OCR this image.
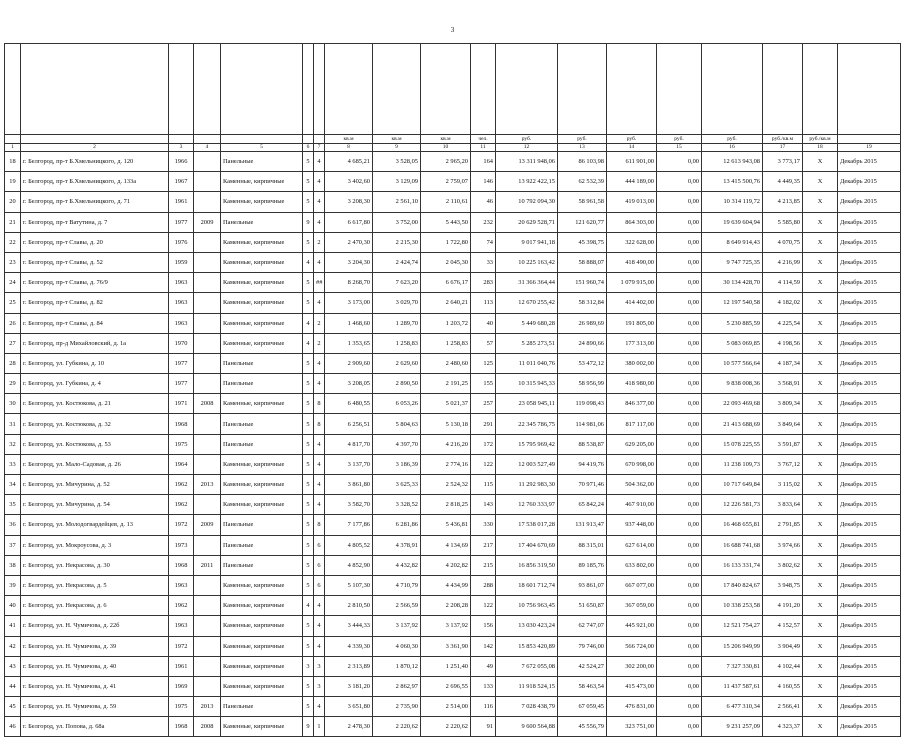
3

							кв.м	кв.м	кв.м	чел.	руб.	руб.	руб.	руб.	руб.	руб./кв.м	руб./кв.м	
1	2	3	4	5	6	7	8	9	10	11	12	13	14	15	16	17	18	19
18	г. Белгород, пр-т Б.Хмельницкого, д. 120	1966		Панельные	5	4	4 685,21	3 528,05	2 965,20	164	13 311 948,06	86 103,98	611 901,00	0,00	12 613 943,08	3 773,17	X	Декабрь 2015
19	г. Белгород, пр-т Б.Хмельницкого, д. 133а	1967		Каменные, кирпичные	5	4	3 402,60	3 129,09	2 759,07	146	13 922 422,15	62 532,39	444 189,00	0,00	13 415 500,76	4 449,35	X	Декабрь 2015
20	г. Белгород, пр-т Б.Хмельницкого, д. 71	1961		Каменные, кирпичные	5	4	3 208,30	2 561,10	2 110,61	46	10 792 094,30	58 961,58	419 013,00	0,00	10 314 119,72	4 213,85	X	Декабрь 2015
21	г. Белгород, пр-т Ватутина, д. 7	1977	2009	Панельные	9	4	6 617,80	3 752,00	5 443,50	232	20 629 528,71	121 620,77	864 303,00	0,00	19 639 604,94	5 585,80	X	Декабрь 2015
22	г. Белгород, пр-т Славы, д. 20	1976		Каменные, кирпичные	5	2	2 470,30	2 215,30	1 722,80	74	9 017 941,18	45 398,75	322 628,00	0,00	8 649 914,43	4 070,75	X	Декабрь 2015
23	г. Белгород, пр-т Славы, д. 52	1959		Каменные, кирпичные	4	4	3 204,30	2 424,74	2 045,30	33	10 225 163,42	58 888,07	418 490,00	0,00	9 747 725,35	4 216,99	X	Декабрь 2015
24	г. Белгород, пр-т Славы, д. 76/9	1963		Каменные, кирпичные	5	##	8 268,70	7 623,20	6 676,17	283	31 366 364,44	151 960,74	1 079 915,00	0,00	30 134 428,70	4 114,59	X	Декабрь 2015
25	г. Белгород, пр-т Славы, д. 82	1963		Каменные, кирпичные	5	4	3 173,00	3 029,70	2 640,21	113	12 670 255,42	58 312,84	414 402,00	0,00	12 197 540,58	4 182,02	X	Декабрь 2015
26	г. Белгород, пр-т Славы, д. 84	1963		Каменные, кирпичные	4	2	1 468,60	1 289,70	1 203,72	40	5 449 680,28	26 989,69	191 805,00	0,00	5 230 885,59	4 225,54	X	Декабрь 2015
27	г. Белгород, пр-д Михайловский, д. 1а	1970		Каменные, кирпичные	4	2	1 353,65	1 258,83	1 258,83	57	5 285 273,51	24 890,66	177 313,00	0,00	5 083 069,85	4 198,56	X	Декабрь 2015
28	г. Белгород, ул. Губкина, д. 10	1977		Панельные	5	4	2 909,60	2 629,60	2 480,60	125	11 011 040,76	53 472,12	380 002,00	0,00	10 577 566,64	4 187,34	X	Декабрь 2015
29	г. Белгород, ул. Губкина, д. 4	1977		Панельные	5	4	3 208,05	2 890,50	2 191,25	155	10 315 945,33	58 956,99	418 980,00	0,00	9 838 008,36	3 568,91	X	Декабрь 2015
30	г. Белгород, ул. Костюкова, д. 21	1971	2008	Каменные, кирпичные	5	8	6 480,55	6 053,26	5 021,37	257	23 058 945,11	119 098,43	846 377,00	0,00	22 093 469,68	3 809,34	X	Декабрь 2015
31	г. Белгород, ул. Костюкова, д. 32	1968		Панельные	5	8	6 256,51	5 804,63	5 130,18	291	22 345 786,75	114 981,06	817 117,00	0,00	21 413 688,69	3 849,64	X	Декабрь 2015
32	г. Белгород, ул. Костюкова, д. 53	1975		Панельные	5	4	4 817,70	4 397,70	4 216,20	172	15 795 969,42	88 538,87	629 205,00	0,00	15 078 225,55	3 591,87	X	Декабрь 2015
33	г. Белгород, ул. Мало-Садовая, д. 26	1964		Каменные, кирпичные	5	4	3 137,70	3 186,39	2 774,16	122	12 003 527,49	94 419,76	670 998,00	0,00	11 238 109,73	3 767,12	X	Декабрь 2015
34	г. Белгород, ул. Мичурина, д. 52	1962	2013	Каменные, кирпичные	5	4	3 861,80	3 625,33	2 524,32	115	11 292 983,30	70 971,46	504 362,00	0,00	10 717 649,84	3 115,02	X	Декабрь 2015
35	г. Белгород, ул. Мичурина, д. 54	1962		Каменные, кирпичные	5	4	3 582,70	3 328,52	2 818,25	143	12 760 333,97	65 842,24	467 910,00	0,00	12 226 581,73	3 833,64	X	Декабрь 2015
36	г. Белгород, ул. Молодогвардейцев, д. 13	1972	2009	Панельные	5	8	7 177,86	6 281,86	5 436,81	330	17 538 017,28	131 913,47	937 448,00	0,00	16 468 655,81	2 791,85	X	Декабрь 2015
37	г. Белгород, ул. Мокроусова, д. 3	1973		Панельные	5	6	4 805,52	4 378,91	4 134,69	217	17 404 670,69	88 315,01	627 614,00	0,00	16 688 741,68	3 974,66	X	Декабрь 2015
38	г. Белгород, ул. Некрасова, д. 30	1968	2011	Панельные	5	6	4 852,90	4 432,82	4 202,82	215	16 856 319,50	89 185,76	633 802,00	0,00	16 133 331,74	3 802,62	X	Декабрь 2015
39	г. Белгород, ул. Некрасова, д. 5	1963		Каменные, кирпичные	5	6	5 107,30	4 710,79	4 434,99	288	18 601 712,74	93 861,07	667 077,00	0,00	17 840 824,67	3 948,75	X	Декабрь 2015
40	г. Белгород, ул. Некрасова, д. 6	1962		Каменные, кирпичные	4	4	2 810,50	2 566,59	2 208,28	122	10 756 963,45	51 650,87	367 059,00	0,00	10 338 253,58	4 191,20	X	Декабрь 2015
41	г. Белгород, ул. Н. Чумичова, д. 22б	1963		Каменные, кирпичные	5	4	3 444,33	3 137,92	3 137,92	156	13 030 423,24	62 747,07	445 921,00	0,00	12 521 754,27	4 152,57	X	Декабрь 2015
42	г. Белгород, ул. Н. Чумичова, д. 39	1972		Каменные, кирпичные	5	4	4 339,30	4 060,30	3 361,90	142	15 853 420,89	79 746,00	566 724,00	0,00	15 206 949,99	3 904,49	X	Декабрь 2015
43	г. Белгород, ул. Н. Чумичова, д. 40	1961		Каменные, кирпичные	3	3	2 313,89	1 870,12	1 251,40	49	7 672 055,08	42 524,27	302 200,00	0,00	7 327 330,81	4 102,44	X	Декабрь 2015
44	г. Белгород, ул. Н. Чумичова, д. 41	1969		Каменные, кирпичные	5	3	3 181,20	2 862,97	2 696,55	133	11 918 524,15	58 463,54	415 473,00	0,00	11 437 587,61	4 160,55	X	Декабрь 2015
45	г. Белгород, ул. Н. Чумичова, д. 59	1975	2013	Панельные	5	4	3 651,80	2 735,90	2 514,00	116	7 028 438,79	67 059,45	476 831,00	0,00	6 477 310,34	2 566,41	X	Декабрь 2015
46	г. Белгород, ул. Попова, д. 68а	1968	2008	Каменные, кирпичные	9	1	2 478,30	2 220,62	2 220,62	91	9 600 564,88	45 556,79	323 751,00	0,00	9 231 257,09	4 323,37	X	Декабрь 2015
